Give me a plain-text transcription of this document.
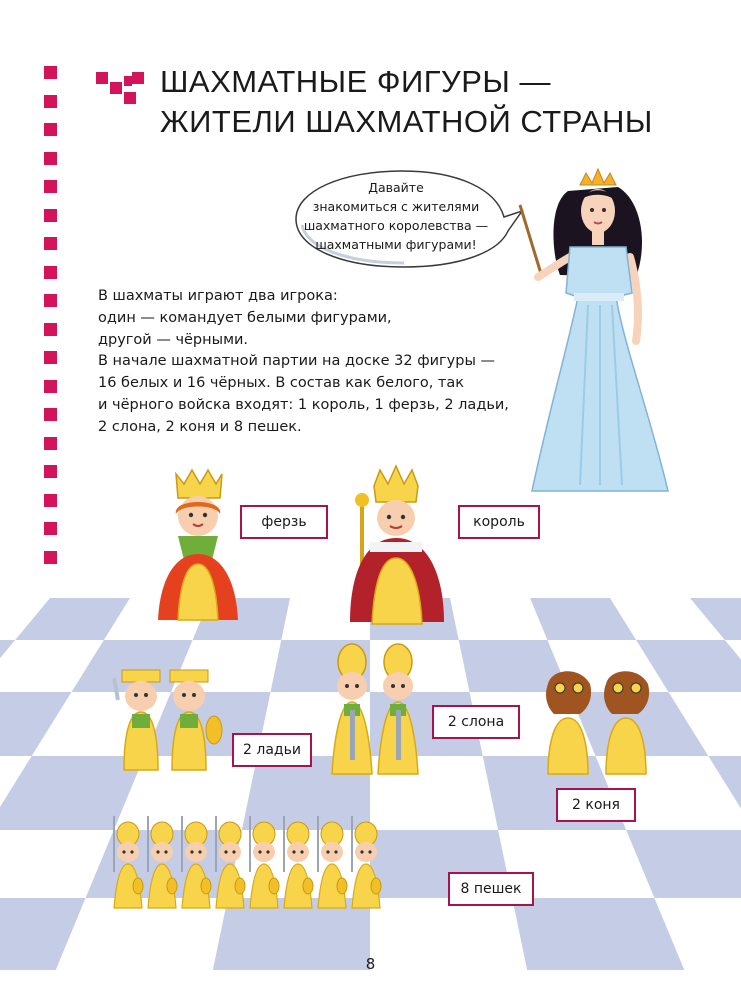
ШАХМАТНЫЕ ФИГУРЫ —
ЖИТЕЛИ ШАХМАТНОЙ СТРАНЫ
Давайте
знакомиться с жителями
шахматного королевства —
шахматными фигурами!
В шахматы играют два игрока:
один — командует белыми фигурами,
другой — чёрными.
В начале шахматной партии на доске 32 фигуры —
16 белых и 16 чёрных. В состав как белого, так
и чёрного войска входят: 1 король, 1 ферзь, 2 ладьи,
2 слона, 2 коня и 8 пешек.
ферзь	король
2 слона
2 ладьи
2 коня
8 пешек
8
